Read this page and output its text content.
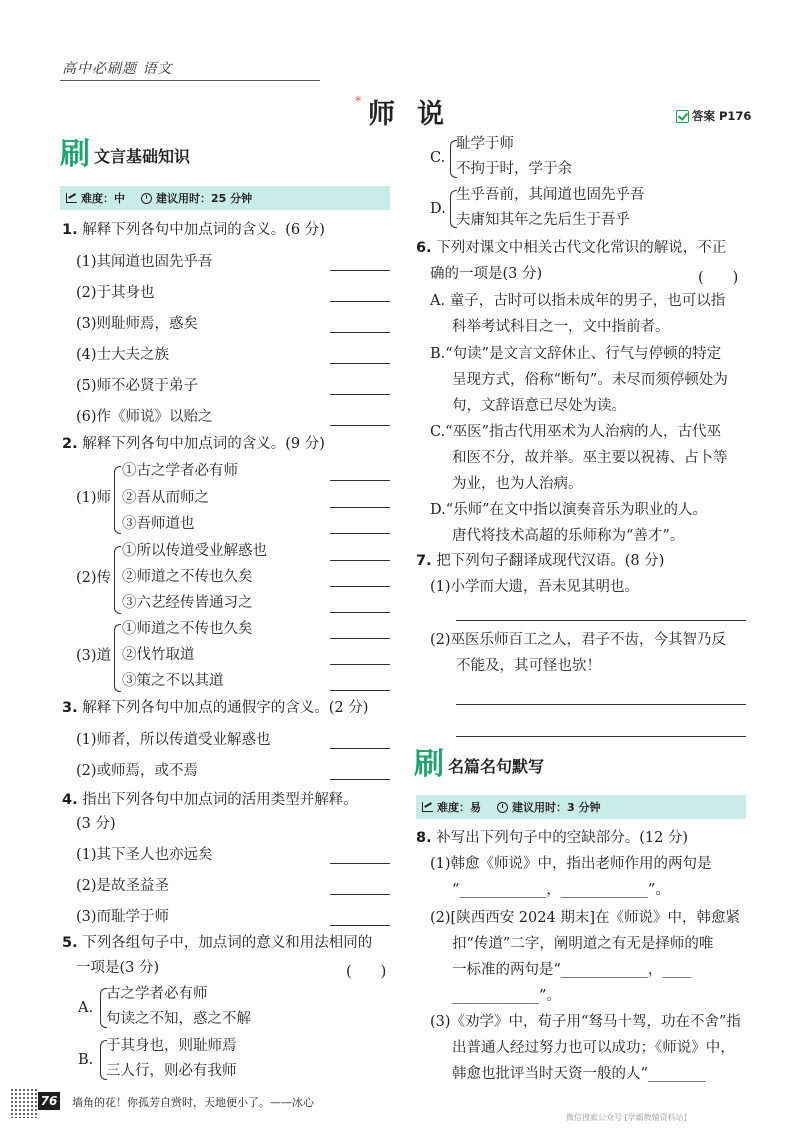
高中必刷题 语文
* 师说	答案 P176
刷 文言基础知识
难度：中	建议用时：25 分钟
1. 解释下列各句中加点词的含义。(6 分)
(1)其闻道也固先乎吾
(2)于其身也
(3)则耻师焉，惑矣
(4)士大夫之族
(5)师不必贤于弟子
(6)作《师说》以贻之
2. 解释下列各句中加点词的含义。(9 分)
(1)师
①古之学者必有师
②吾从而师之
③吾师道也
(2)传
①所以传道受业解惑也
②师道之不传也久矣
③六艺经传皆通习之
(3)道
①师道之不传也久矣
②伐竹取道
③策之不以其道
3. 解释下列各句中加点的通假字的含义。(2 分)
(1)师者，所以传道受业解惑也
(2)或师焉，或不焉
4. 指出下列各句中加点词的活用类型并解释。
(3 分)
(1)其下圣人也亦远矣
(2)是故圣益圣
(3)而耻学于师
5. 下列各组句子中，加点词的意义和用法相同的
一项是(3 分)	(　　)
A.
古之学者必有师
句读之不知，惑之不解
B.
于其身也，则耻师焉
三人行，则必有我师
C.
耻学于师
不拘于时，学于余
D.
生乎吾前，其闻道也固先乎吾
夫庸知其年之先后生于吾乎
6. 下列对课文中相关古代文化常识的解说，不正
确的一项是(3 分)	(　　)
A. 童子，古时可以指未成年的男子，也可以指
科举考试科目之一，文中指前者。
B.“句读”是文言文辞休止、行气与停顿的特定
呈现方式，俗称“断句”。未尽而须停顿处为
句，文辞语意已尽处为读。
C.“巫医”指古代用巫术为人治病的人，古代巫
和医不分，故并举。巫主要以祝祷、占卜等
为业，也为人治病。
D.“乐师”在文中指以演奏音乐为职业的人。
唐代将技术高超的乐师称为“善才”。
7. 把下列句子翻译成现代汉语。(8 分)
(1)小学而大遗，吾未见其明也。
(2)巫医乐师百工之人，君子不齿，今其智乃反
不能及，其可怪也欤！
刷 名篇名句默写
难度：易	建议用时：3 分钟
8. 补写出下列句子中的空缺部分。(12 分)
(1)韩愈《师说》中，指出老师作用的两句是
“____________，____________”。
(2)[陕西西安 2024 期末]在《师说》中，韩愈紧
扣“传道”二字，阐明道之有无是择师的唯
一标准的两句是“____________，____
____________”。
(3)《劝学》中，荀子用“驽马十驾，功在不舍”指
出普通人经过努力也可以成功；《师说》中，
韩愈也批评当时天资一般的人“________
76 墙角的花！你孤芳自赏时，天地便小了。——冰心
微信搜索公众号 [学霸教辅资料站]
